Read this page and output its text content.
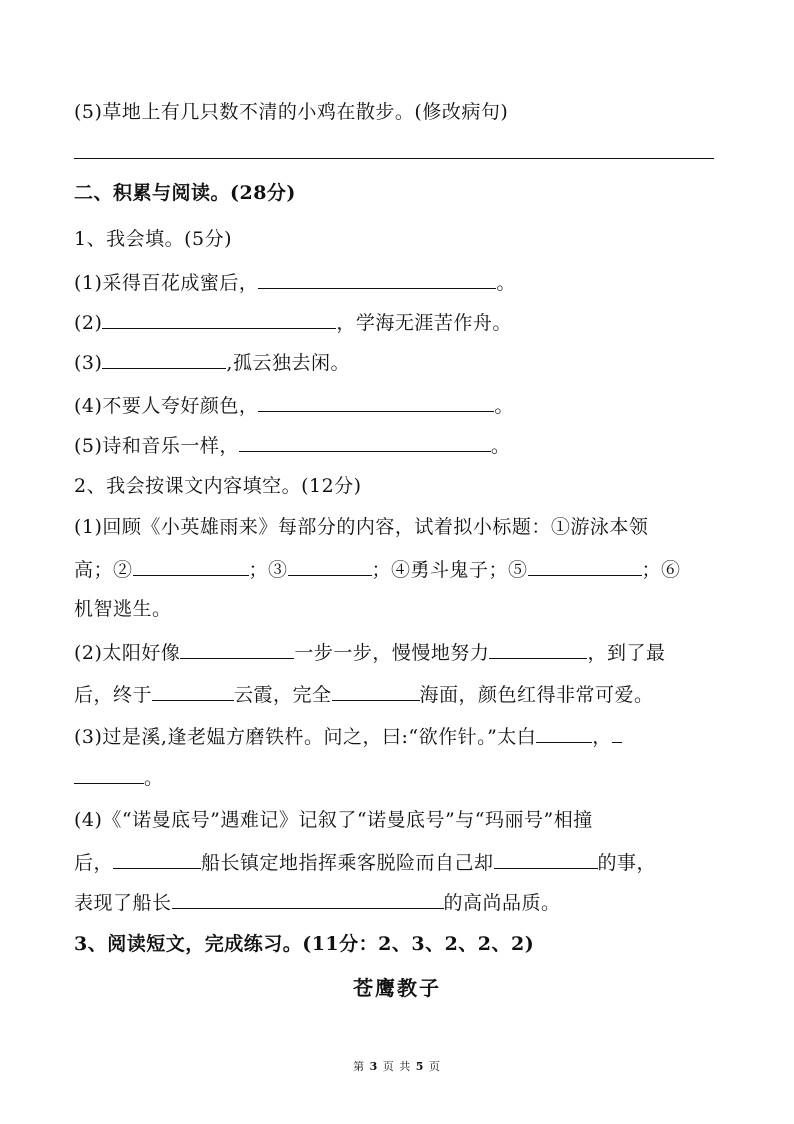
(5)草地上有几只数不清的小鸡在散步。(修改病句)
二、积累与阅读。(28分)
1、我会填。(5分)
(1)采得百花成蜜后，	。
(2)	，学海无涯苦作舟。
(3)	,孤云独去闲。
(4)不要人夸好颜色，	。
(5)诗和音乐一样，	。
2、我会按课文内容填空。(12分)
(1)回顾《小英雄雨来》每部分的内容，试着拟小标题：①游泳本领
高；②	；③	；④勇斗鬼子；⑤	；⑥
机智逃生。
(2)太阳好像	一步一步，慢慢地努力	，到了最
后，终于	云霞，完全	海面，颜色红得非常可爱。
(3)过是溪,逢老媪方磨铁杵。问之，曰:“欲作针。”太白	，
。
(4)《“诺曼底号”遇难记》记叙了“诺曼底号”与“玛丽号”相撞
后，	船长镇定地指挥乘客脱险而自己却	的事，
表现了船长	的高尚品质。
3、阅读短文，完成练习。(11分：2、3、2、2、2)
苍鹰教子
第 3 页 共 5 页
